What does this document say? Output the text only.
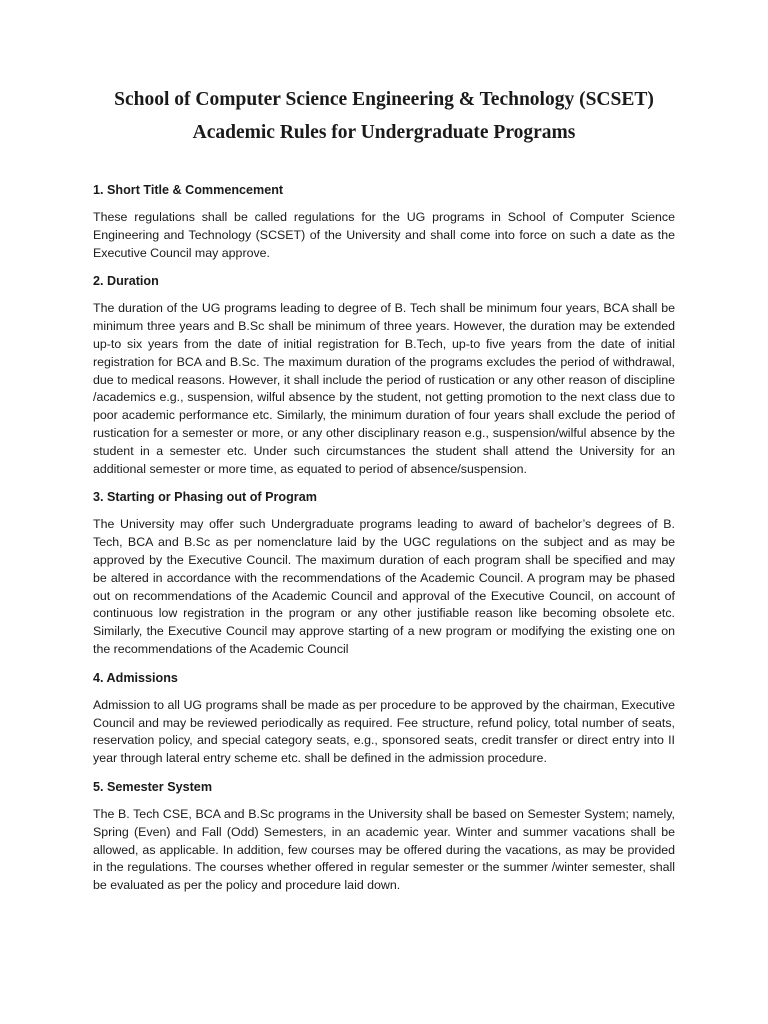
School of Computer Science Engineering & Technology (SCSET)
Academic Rules for Undergraduate Programs

1. Short Title & Commencement

These regulations shall be called regulations for the UG programs in School of Computer Science Engineering and Technology (SCSET) of the University and shall come into force on such a date as the Executive Council may approve.

2. Duration

The duration of the UG programs leading to degree of B. Tech shall be minimum four years, BCA shall be minimum three years and B.Sc shall be minimum of three years. However, the duration may be extended up-to six years from the date of initial registration for B.Tech, up-to five years from the date of initial registration for BCA and B.Sc. The maximum duration of the programs excludes the period of withdrawal, due to medical reasons. However, it shall include the period of rustication or any other reason of discipline /academics e.g., suspension, wilful absence by the student, not getting promotion to the next class due to poor academic performance etc. Similarly, the minimum duration of four years shall exclude the period of rustication for a semester or more, or any other disciplinary reason e.g., suspension/wilful absence by the student in a semester etc. Under such circumstances the student shall attend the University for an additional semester or more time, as equated to period of absence/suspension.

3. Starting or Phasing out of Program

The University may offer such Undergraduate programs leading to award of bachelor’s degrees of B. Tech, BCA and B.Sc as per nomenclature laid by the UGC regulations on the subject and as may be approved by the Executive Council. The maximum duration of each program shall be specified and may be altered in accordance with the recommendations of the Academic Council. A program may be phased out on recommendations of the Academic Council and approval of the Executive Council, on account of continuous low registration in the program or any other justifiable reason like becoming obsolete etc. Similarly, the Executive Council may approve starting of a new program or modifying the existing one on the recommendations of the Academic Council

4. Admissions

Admission to all UG programs shall be made as per procedure to be approved by the chairman, Executive Council and may be reviewed periodically as required. Fee structure, refund policy, total number of seats, reservation policy, and special category seats, e.g., sponsored seats, credit transfer or direct entry into II year through lateral entry scheme etc. shall be defined in the admission procedure.

5. Semester System

The B. Tech CSE, BCA and B.Sc programs in the University shall be based on Semester System; namely, Spring (Even) and Fall (Odd) Semesters, in an academic year. Winter and summer vacations shall be allowed, as applicable. In addition, few courses may be offered during the vacations, as may be provided in the regulations. The courses whether offered in regular semester or the summer /winter semester, shall be evaluated as per the policy and procedure laid down.
